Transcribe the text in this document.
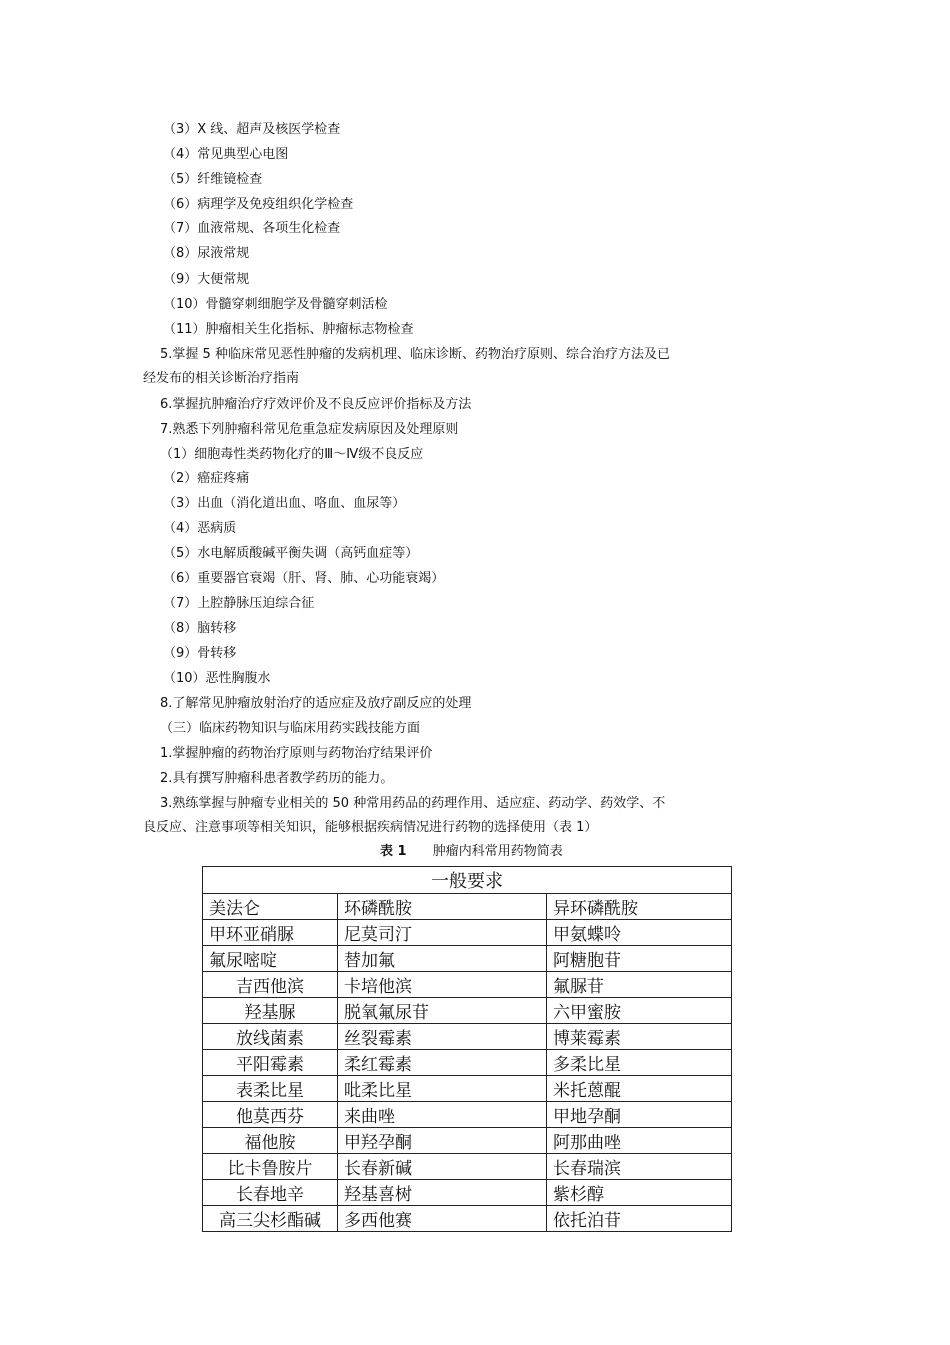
（3）X 线、超声及核医学检查
（4）常见典型心电图
（5）纤维镜检查
（6）病理学及免疫组织化学检查
（7）血液常规、各项生化检查
（8）尿液常规
（9）大便常规
（10）骨髓穿刺细胞学及骨髓穿刺活检
（11）肿瘤相关生化指标、肿瘤标志物检查
5.掌握 5 种临床常见恶性肿瘤的发病机理、临床诊断、药物治疗原则、综合治疗方法及已
经发布的相关诊断治疗指南
6.掌握抗肿瘤治疗疗效评价及不良反应评价指标及方法
7.熟悉下列肿瘤科常见危重急症发病原因及处理原则
（1）细胞毒性类药物化疗的Ⅲ～Ⅳ级不良反应
（2）癌症疼痛
（3）出血（消化道出血、咯血、血尿等）
（4）恶病质
（5）水电解质酸碱平衡失调（高钙血症等）
（6）重要器官衰竭（肝、肾、肺、心功能衰竭）
（7）上腔静脉压迫综合征
（8）脑转移
（9）骨转移
（10）恶性胸腹水
8.了解常见肿瘤放射治疗的适应症及放疗副反应的处理
（三）临床药物知识与临床用药实践技能方面
1.掌握肿瘤的药物治疗原则与药物治疗结果评价
2.具有撰写肿瘤科患者教学药历的能力。
3.熟练掌握与肿瘤专业相关的 50 种常用药品的药理作用、适应症、药动学、药效学、不
良反应、注意事项等相关知识，能够根据疾病情况进行药物的选择使用（表 1）
表 1 肿瘤内科常用药物简表
一般要求		
美法仑	环磷酰胺	异环磷酰胺
甲环亚硝脲	尼莫司汀	甲氨蝶呤
氟尿嘧啶	替加氟	阿糖胞苷
吉西他滨	卡培他滨	氟脲苷
羟基脲	脱氧氟尿苷	六甲蜜胺
放线菌素	丝裂霉素	博莱霉素
平阳霉素	柔红霉素	多柔比星
表柔比星	吡柔比星	米托蒽醌
他莫西芬	来曲唑	甲地孕酮
福他胺	甲羟孕酮	阿那曲唑
比卡鲁胺片	长春新碱	长春瑞滨
长春地辛	羟基喜树	紫杉醇
高三尖杉酯碱	多西他赛	依托泊苷
